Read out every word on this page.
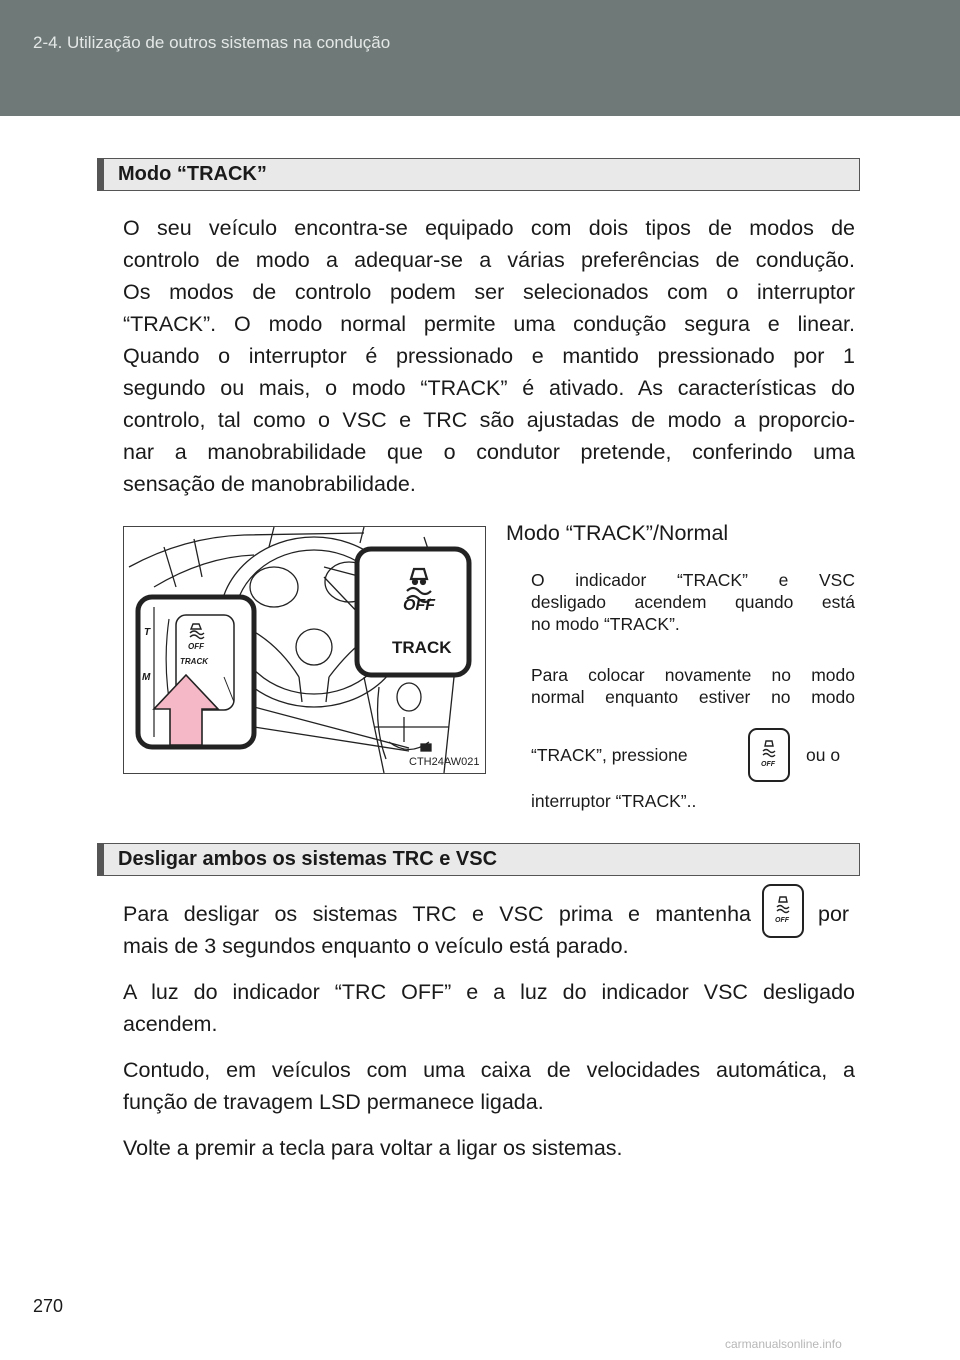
2-4. Utilização de outros sistemas na condução
Modo “TRACK”
O seu veículo encontra-se equipado com dois tipos de modos de
controlo de modo a adequar-se a várias preferências de condução.
Os modos de controlo podem ser selecionados com o interruptor
“TRACK”. O modo normal permite uma condução segura e linear.
Quando o interruptor é pressionado e mantido pressionado por 1
segundo ou mais, o modo “TRACK” é ativado. As características do
controlo, tal como o VSC e TRC são ajustadas de modo a proporcio-
nar a manobrabilidade que o condutor pretende, conferindo uma
sensação de manobrabilidade.
OFF
TRACK
OFF
TRACK
T
M
CTH24AW021
Modo “TRACK”/Normal
O indicador “TRACK” e VSC
desligado acendem quando está
no modo “TRACK”.
Para colocar novamente no modo
normal enquanto estiver no modo
“TRACK”, pressione	OFF ou o
interruptor “TRACK”..
Desligar ambos os sistemas TRC e VSC
Para desligar os sistemas TRC e VSC prima e mantenha	OFF por
mais de 3 segundos enquanto o veículo está parado.
A luz do indicador “TRC OFF” e a luz do indicador VSC desligado
acendem.
Contudo, em veículos com uma caixa de velocidades automática, a
função de travagem LSD permanece ligada.
Volte a premir a tecla para voltar a ligar os sistemas.
270
carmanualsonline.info
